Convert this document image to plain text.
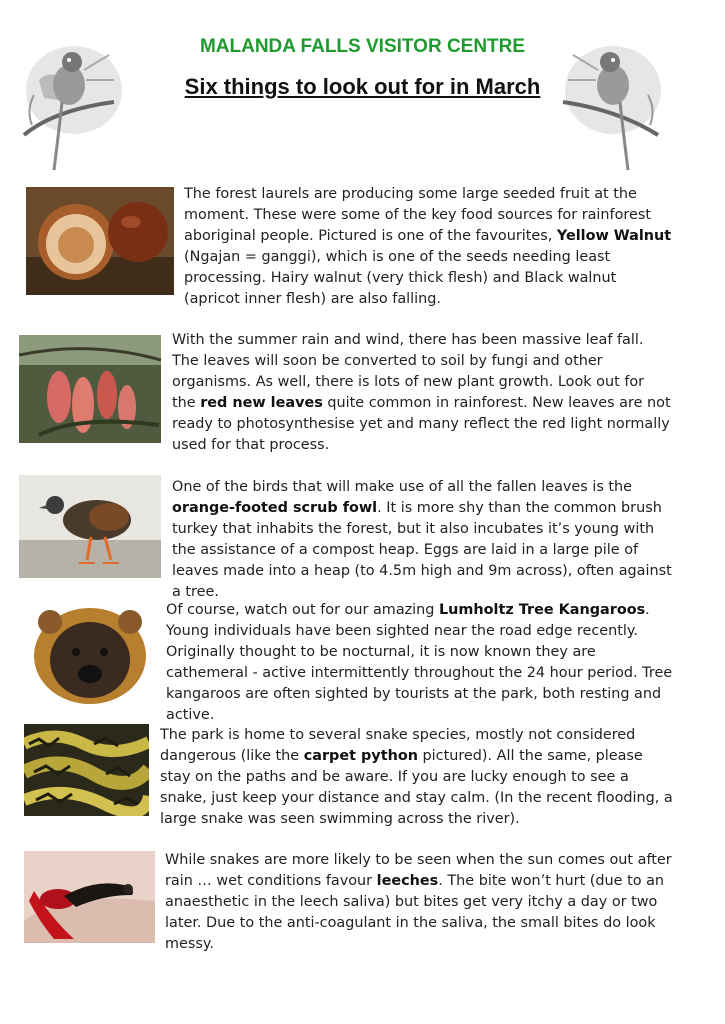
MALANDA FALLS VISITOR CENTRE
Six things to look out for in March
The forest laurels are producing some large seeded fruit at the moment. These were some of the key food sources for rainforest aboriginal people. Pictured is one of the favourites, Yellow Walnut (Ngajan = ganggi), which is one of the seeds needing least processing. Hairy walnut (very thick flesh) and Black walnut (apricot inner flesh) are also falling.
With the summer rain and wind, there has been massive leaf fall. The leaves will soon be converted to soil by fungi and other organisms. As well, there is lots of new plant growth. Look out for the red new leaves quite common in rainforest. New leaves are not ready to photosynthesise yet and many reflect the red light normally used for that process.
One of the birds that will make use of all the fallen leaves is the orange-footed scrub fowl. It is more shy than the common brush turkey that inhabits the forest, but it also incubates it’s young with the assistance of a compost heap. Eggs are laid in a large pile of leaves made into a heap (to 4.5m high and 9m across), often against a tree.
Of course, watch out for our amazing Lumholtz Tree Kangaroos. Young individuals have been sighted near the road edge recently. Originally thought to be nocturnal, it is now known they are cathemeral - active intermittently throughout the 24 hour period. Tree kangaroos are often sighted by tourists at the park, both resting and active.
The park is home to several snake species, mostly not considered dangerous (like the carpet python pictured). All the same, please stay on the paths and be aware. If you are lucky enough to see a snake, just keep your distance and stay calm. (In the recent flooding, a large snake was seen swimming across the river).
While snakes are more likely to be seen when the sun comes out after rain … wet conditions favour leeches. The bite won’t hurt (due to an anaesthetic in the leech saliva) but bites get very itchy a day or two later. Due to the anti-coagulant in the saliva, the small bites do look messy.
